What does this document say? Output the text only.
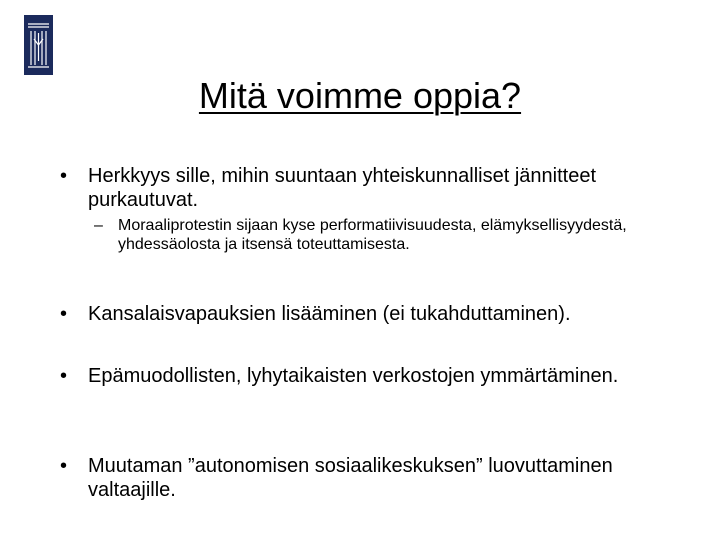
Mitä voimme oppia?
• Herkkyys sille, mihin suuntaan yhteiskunnalliset jännitteet purkautuvat.
– Moraaliprotestin sijaan kyse performatiivisuudesta, elämyksellisyydestä, yhdessäolosta ja itsensä toteuttamisesta.
• Kansalaisvapauksien lisääminen (ei tukahduttaminen).
• Epämuodollisten, lyhytaikaisten verkostojen ymmärtäminen.
• Muutaman ”autonomisen sosiaalikeskuksen” luovuttaminen valtaajille.
